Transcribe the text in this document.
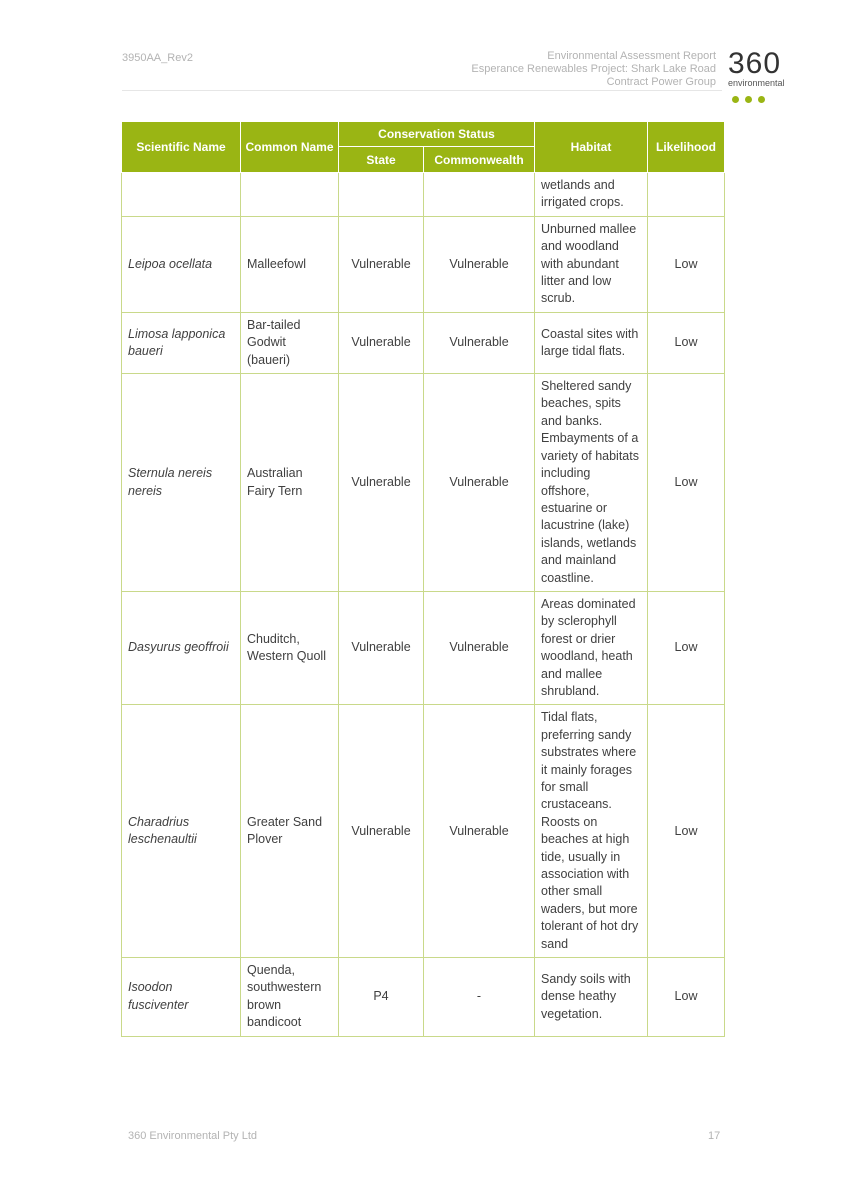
3950AA_Rev2	Environmental Assessment Report
Esperance Renewables Project: Shark Lake Road
Contract Power Group
360
environmental
Scientific Name	Common Name	Conservation Status		Habitat	Likelihood
		State	Commonwealth		
				wetlands and irrigated crops.	
Leipoa ocellata	Malleefowl	Vulnerable	Vulnerable	Unburned mallee and woodland with abundant litter and low scrub.	Low
Limosa lapponica baueri	Bar-tailed Godwit (baueri)	Vulnerable	Vulnerable	Coastal sites with large tidal flats.	Low
Sternula nereis nereis	Australian Fairy Tern	Vulnerable	Vulnerable	Sheltered sandy beaches, spits and banks. Embayments of a variety of habitats including offshore, estuarine or lacustrine (lake) islands, wetlands and mainland coastline.	Low
Dasyurus geoffroii	Chuditch, Western Quoll	Vulnerable	Vulnerable	Areas dominated by sclerophyll forest or drier woodland, heath and mallee shrubland.	Low
Charadrius leschenaultii	Greater Sand Plover	Vulnerable	Vulnerable	Tidal flats, preferring sandy substrates where it mainly forages for small crustaceans. Roosts on beaches at high tide, usually in association with other small waders, but more tolerant of hot dry sand	Low
Isoodon fusciventer	Quenda, southwestern brown bandicoot	P4	-	Sandy soils with dense heathy vegetation.	Low
360 Environmental Pty Ltd	17
